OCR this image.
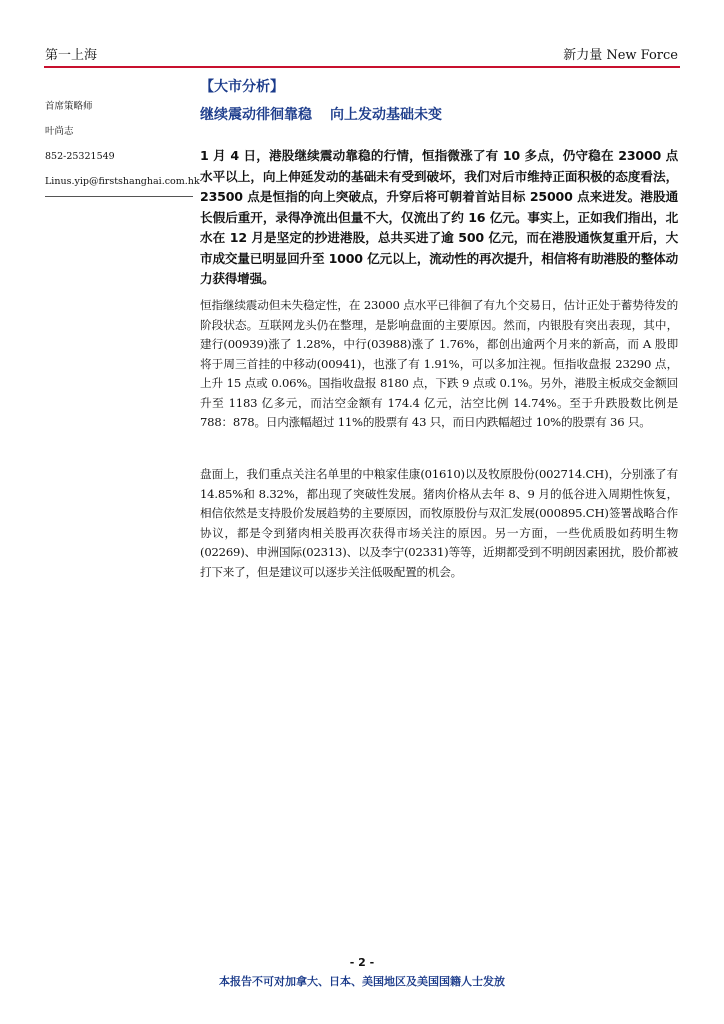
第一上海	新力量 New Force
首席策略师
叶尚志
852-25321549
Linus.yip@firstshanghai.com.hk
【大市分析】
继续震动徘徊靠稳 向上发动基础未变
1 月 4 日，港股继续震动靠稳的行情，恒指微涨了有 10 多点，仍守稳在 23000 点水平以上，向上伸延发动的基础未有受到破坏，我们对后市维持正面积极的态度看法，23500 点是恒指的向上突破点，升穿后将可朝着首站目标 25000 点来进发。港股通长假后重开，录得净流出但量不大，仅流出了约 16 亿元。事实上，正如我们指出，北水在 12 月是坚定的抄进港股，总共买进了逾 500 亿元，而在港股通恢复重开后，大市成交量已明显回升至 1000 亿元以上，流动性的再次提升，相信将有助港股的整体动力获得增强。
恒指继续震动但未失稳定性，在 23000 点水平已徘徊了有九个交易日，估计正处于蓄势待发的阶段状态。互联网龙头仍在整理，是影响盘面的主要原因。然而，内银股有突出表现，其中，建行(00939)涨了 1.28%，中行(03988)涨了 1.76%，都创出逾两个月来的新高，而 A 股即将于周三首挂的中移动(00941)，也涨了有 1.91%，可以多加注视。恒指收盘报 23290 点，上升 15 点或 0.06%。国指收盘报 8180 点，下跌 9 点或 0.1%。另外，港股主板成交金额回升至 1183 亿多元，而沽空金额有 174.4 亿元，沽空比例 14.74%。至于升跌股数比例是 788：878。日内涨幅超过 11%的股票有 43 只，而日内跌幅超过 10%的股票有 36 只。
盘面上，我们重点关注名单里的中粮家佳康(01610)以及牧原股份(002714.CH)，分别涨了有 14.85%和 8.32%，都出现了突破性发展。猪肉价格从去年 8、9 月的低谷进入周期性恢复，相信依然是支持股价发展趋势的主要原因，而牧原股份与双汇发展(000895.CH)签署战略合作协议，都是令到猪肉相关股再次获得市场关注的原因。另一方面，一些优质股如药明生物(02269)、申洲国际(02313)、以及李宁(02331)等等，近期都受到不明朗因素困扰，股价都被打下来了，但是建议可以逐步关注低吸配置的机会。
- 2 -
本报告不可对加拿大、日本、美国地区及美国国籍人士发放
